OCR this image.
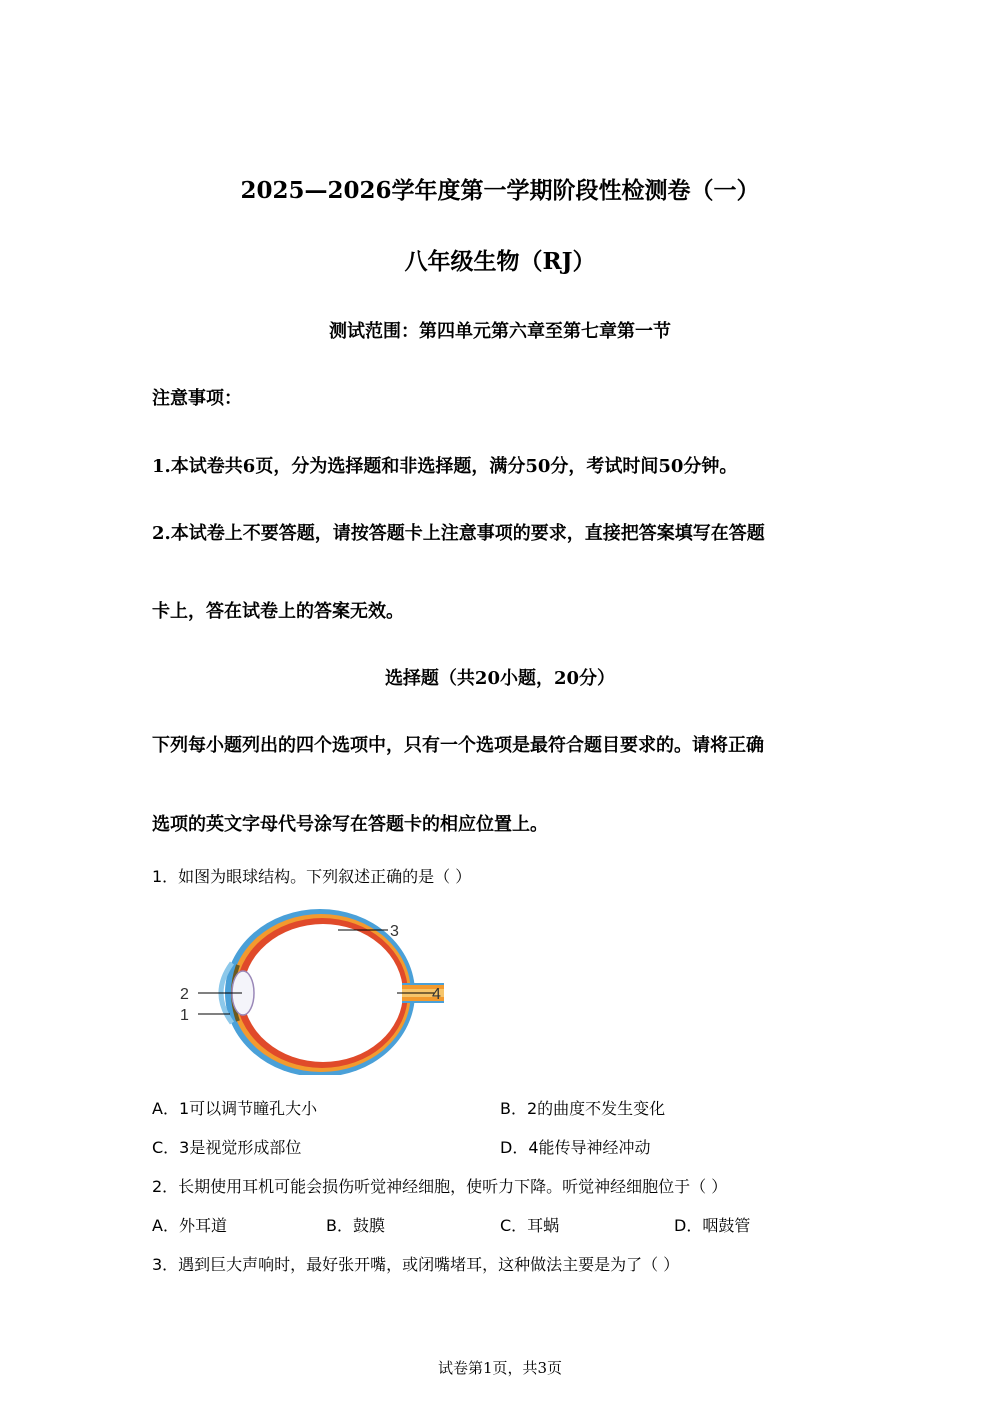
2025—2026学年度第一学期阶段性检测卷（一）
八年级生物（RJ）
测试范围：第四单元第六章至第七章第一节
注意事项：
1.本试卷共6页，分为选择题和非选择题，满分50分，考试时间50分钟。
2.本试卷上不要答题，请按答题卡上注意事项的要求，直接把答案填写在答题
卡上，答在试卷上的答案无效。
选择题（共20小题，20分）
下列每小题列出的四个选项中，只有一个选项是最符合题目要求的。请将正确
选项的英文字母代号涂写在答题卡的相应位置上。
1．如图为眼球结构。下列叙述正确的是（ ）
3
4
2
1
A．1可以调节瞳孔大小	B．2的曲度不发生变化
C．3是视觉形成部位	D．4能传导神经冲动
2．长期使用耳机可能会损伤听觉神经细胞，使听力下降。听觉神经细胞位于（ ）
A．外耳道	B．鼓膜	C．耳蜗	D．咽鼓管
3．遇到巨大声响时，最好张开嘴，或闭嘴堵耳，这种做法主要是为了（ ）
试卷第1页，共3页
